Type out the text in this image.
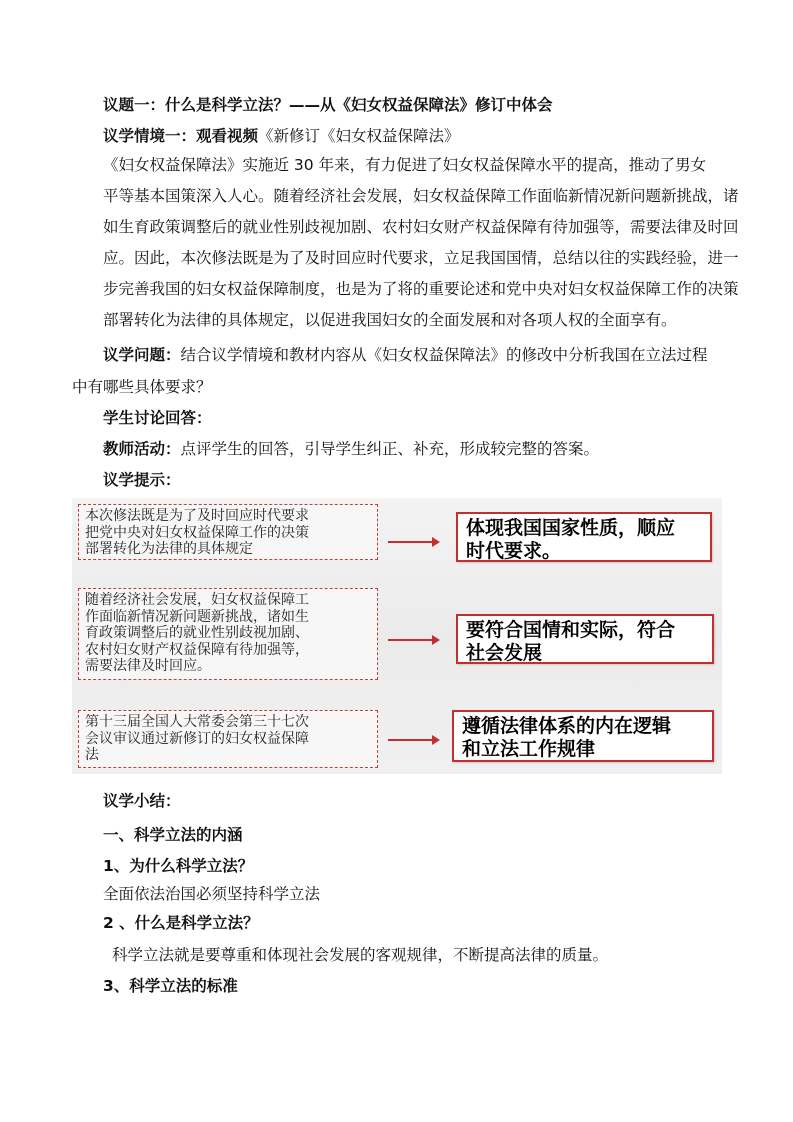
议题一：什么是科学立法？——从《妇女权益保障法》修订中体会
议学情境一：观看视频《新修订《妇女权益保障法》
《妇女权益保障法》实施近 30 年来，有力促进了妇女权益保障水平的提高，推动了男女
平等基本国策深入人心。随着经济社会发展，妇女权益保障工作面临新情况新问题新挑战，诸
如生育政策调整后的就业性别歧视加剧、农村妇女财产权益保障有待加强等，需要法律及时回
应。因此，本次修法既是为了及时回应时代要求，立足我国国情，总结以往的实践经验，进一
步完善我国的妇女权益保障制度，也是为了将的重要论述和党中央对妇女权益保障工作的决策
部署转化为法律的具体规定，以促进我国妇女的全面发展和对各项人权的全面享有。
议学问题：结合议学情境和教材内容从《妇女权益保障法》的修改中分析我国在立法过程
中有哪些具体要求？
学生讨论回答：
教师活动：点评学生的回答，引导学生纠正、补充，形成较完整的答案。
议学提示：
本次修法既是为了及时回应时代要求
把党中央对妇女权益保障工作的决策
部署转化为法律的具体规定
体现我国国家性质，顺应
时代要求。
随着经济社会发展，妇女权益保障工
作面临新情况新问题新挑战，诸如生
育政策调整后的就业性别歧视加剧、
农村妇女财产权益保障有待加强等，
需要法律及时回应。
要符合国情和实际，符合
社会发展
第十三届全国人大常委会第三十七次
会议审议通过新修订的妇女权益保障
法
遵循法律体系的内在逻辑
和立法工作规律
议学小结：
一、科学立法的内涵
1、为什么科学立法？
全面依法治国必须坚持科学立法
2 、什么是科学立法？
科学立法就是要尊重和体现社会发展的客观规律，不断提高法律的质量。
3、科学立法的标准
